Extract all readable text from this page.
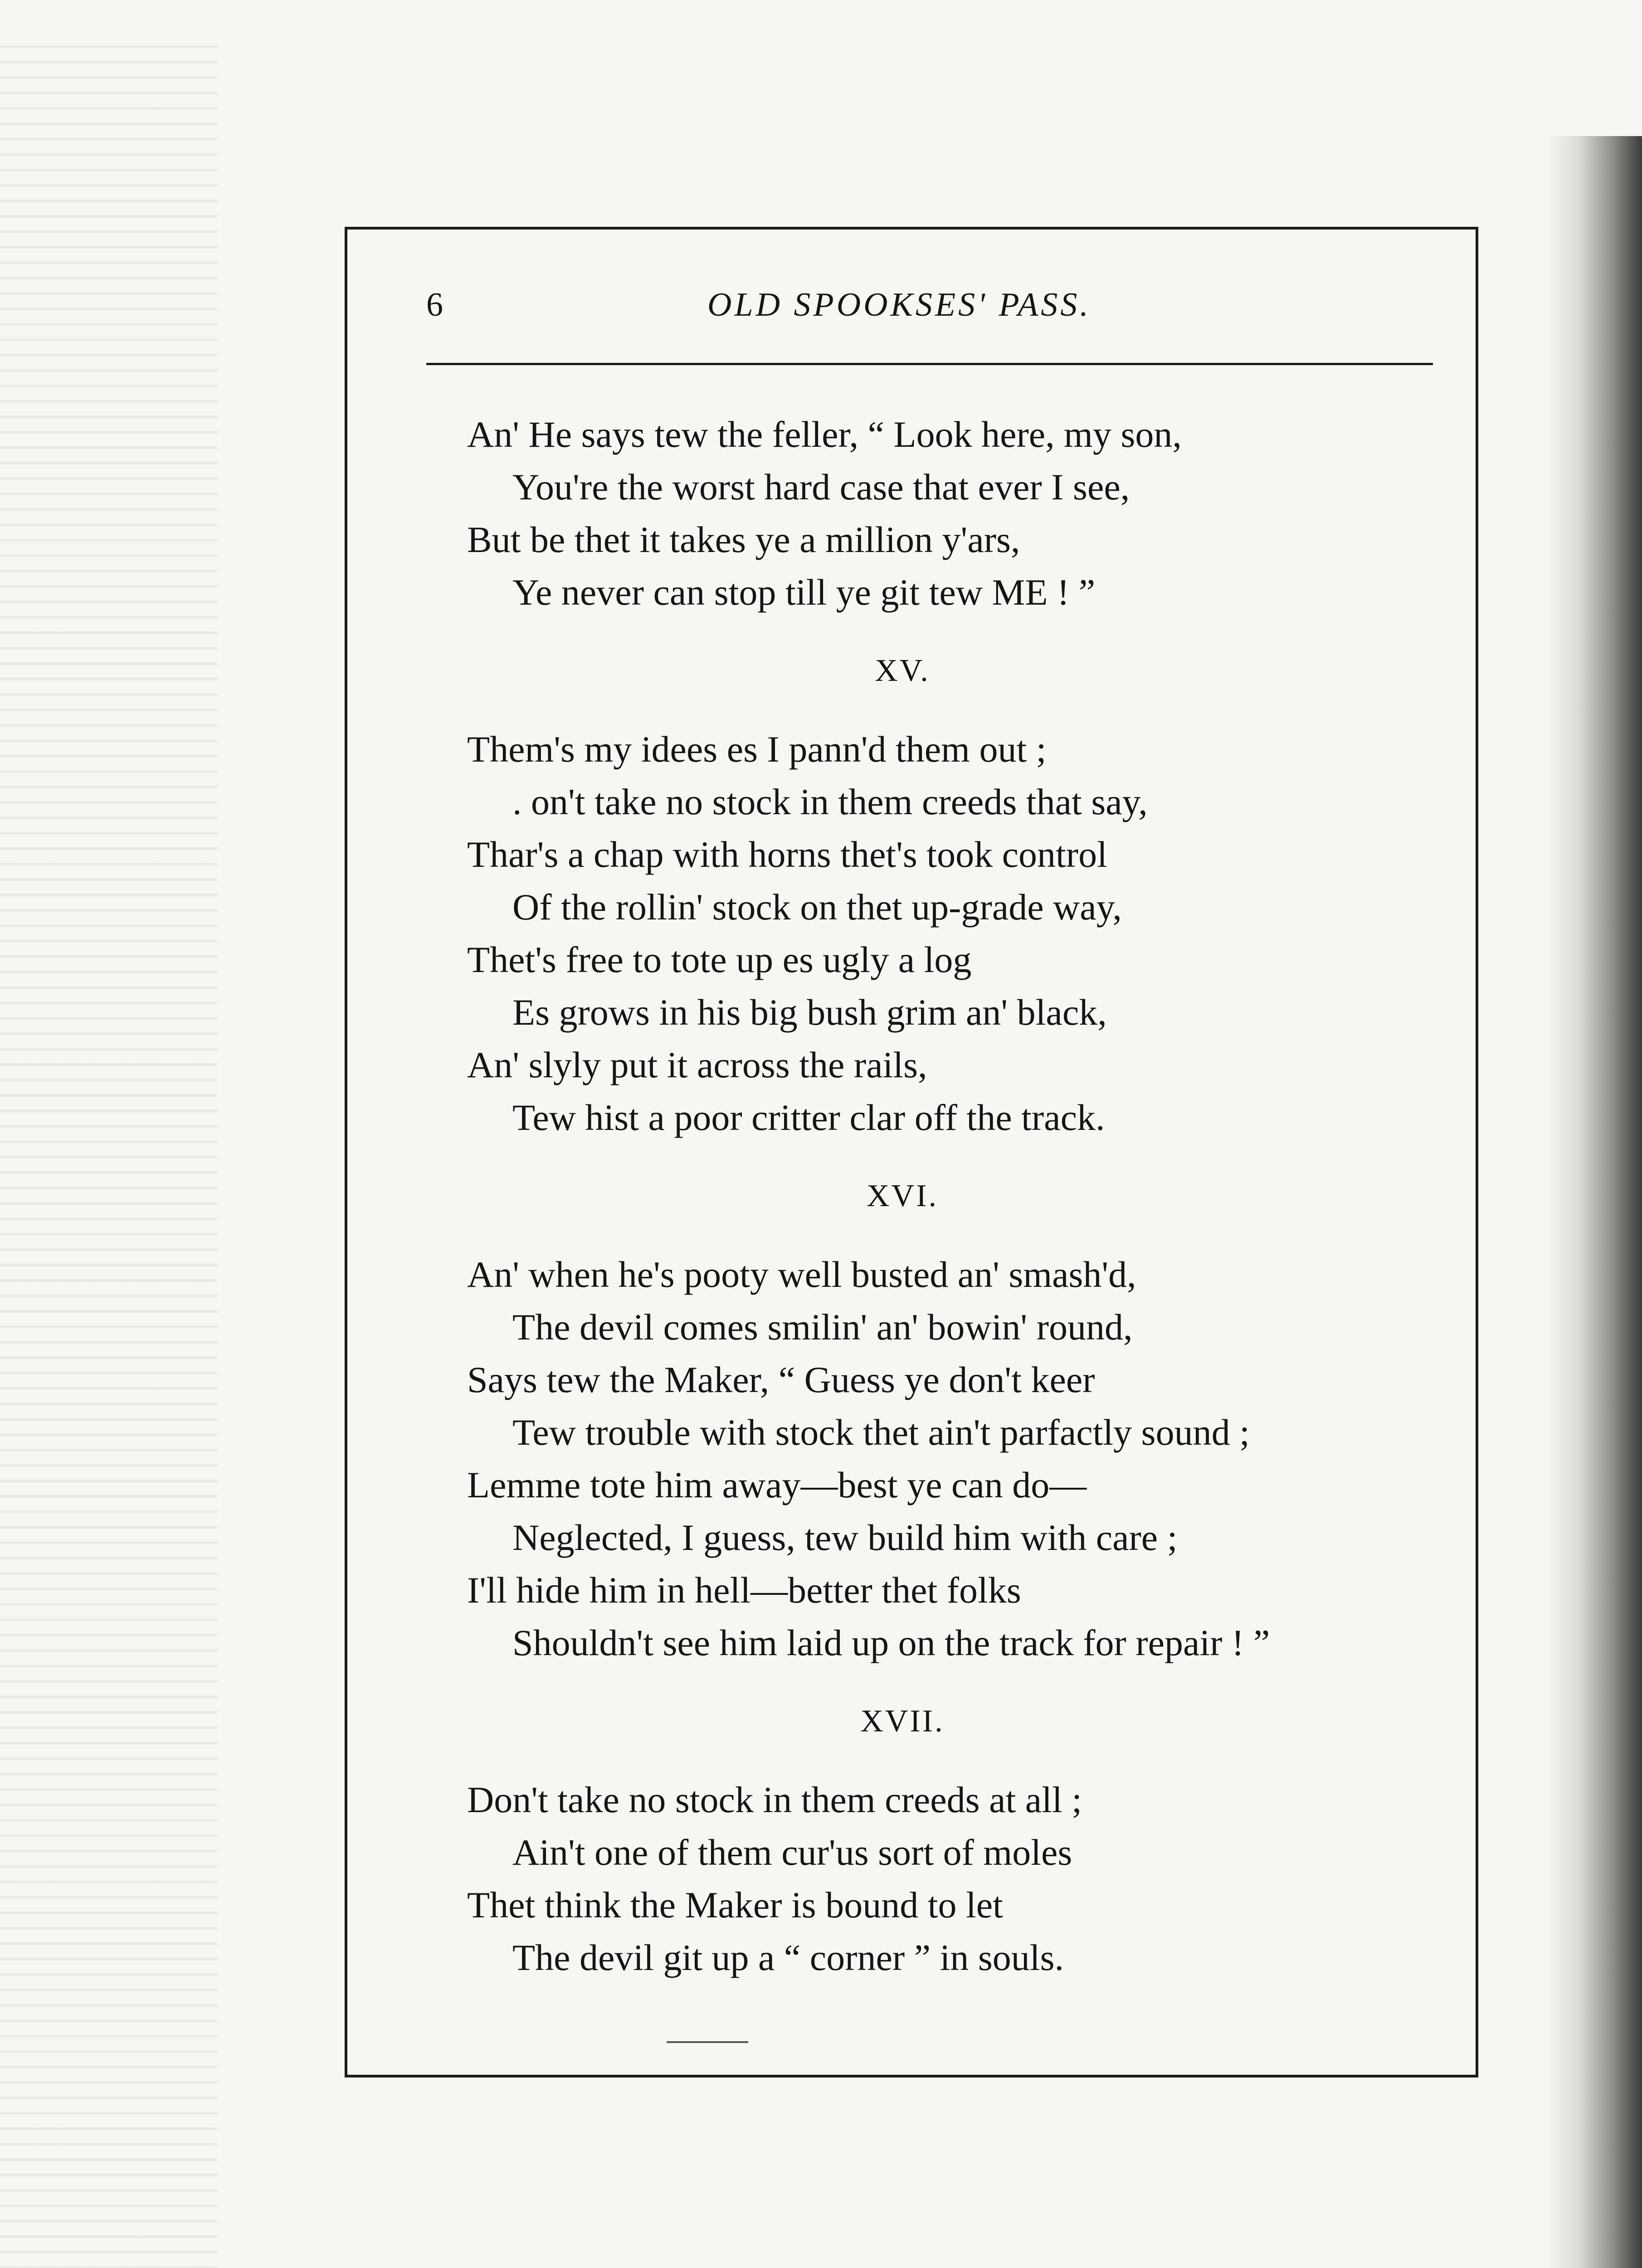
6	OLD SPOOKSES' PASS.
An' He says tew the feller, “ Look here, my son,
You're the worst hard case that ever I see,
But be thet it takes ye a million y'ars,
Ye never can stop till ye git tew ME ! ”
XV.
Them's my idees es I pann'd them out ;
. on't take no stock in them creeds that say,
Thar's a chap with horns thet's took control
Of the rollin' stock on thet up-grade way,
Thet's free to tote up es ugly a log
Es grows in his big bush grim an' black,
An' slyly put it across the rails,
Tew hist a poor critter clar off the track.
XVI.
An' when he's pooty well busted an' smash'd,
The devil comes smilin' an' bowin' round,
Says tew the Maker, “ Guess ye don't keer
Tew trouble with stock thet ain't parfactly sound ;
Lemme tote him away—best ye can do—
Neglected, I guess, tew build him with care ;
I'll hide him in hell—better thet folks
Shouldn't see him laid up on the track for repair ! ”
XVII.
Don't take no stock in them creeds at all ;
Ain't one of them cur'us sort of moles
Thet think the Maker is bound to let
The devil git up a “ corner ” in souls.
